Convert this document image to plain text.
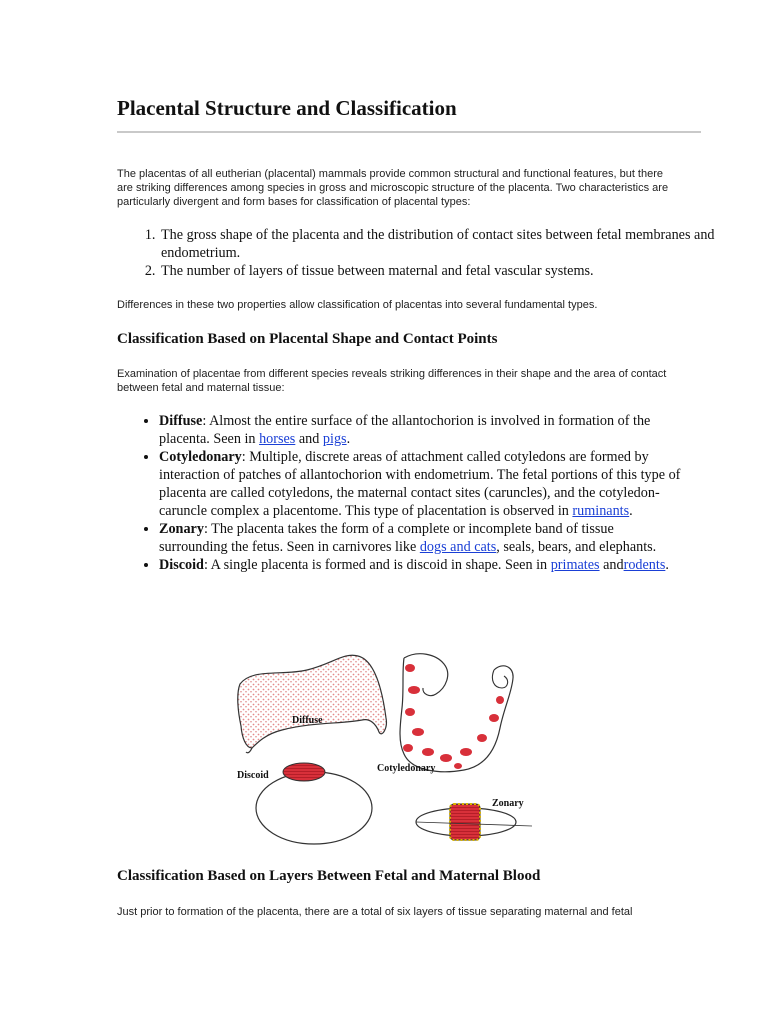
Placental Structure and Classification

The placentas of all eutherian (placental) mammals provide common structural and functional features, but there are striking differences among species in gross and microscopic structure of the placenta. Two characteristics are particularly divergent and form bases for classification of placental types:

1. The gross shape of the placenta and the distribution of contact sites between fetal membranes and endometrium.
2. The number of layers of tissue between maternal and fetal vascular systems.

Differences in these two properties allow classification of placentas into several fundamental types.

Classification Based on Placental Shape and Contact Points

Examination of placentae from different species reveals striking differences in their shape and the area of contact between fetal and maternal tissue:

• Diffuse: Almost the entire surface of the allantochorion is involved in formation of the placenta. Seen in horses and pigs.
• Cotyledonary: Multiple, discrete areas of attachment called cotyledons are formed by interaction of patches of allantochorion with endometrium. The fetal portions of this type of placenta are called cotyledons, the maternal contact sites (caruncles), and the cotyledon-caruncle complex a placentome. This type of placentation is observed in ruminants.
• Zonary: The placenta takes the form of a complete or incomplete band of tissue surrounding the fetus. Seen in carnivores like dogs and cats, seals, bears, and elephants.
• Discoid: A single placenta is formed and is discoid in shape. Seen in primates androdents.
Diffuse
Cotyledonary
Discoid
Zonary
Classification Based on Layers Between Fetal and Maternal Blood

Just prior to formation of the placenta, there are a total of six layers of tissue separating maternal and fetal
